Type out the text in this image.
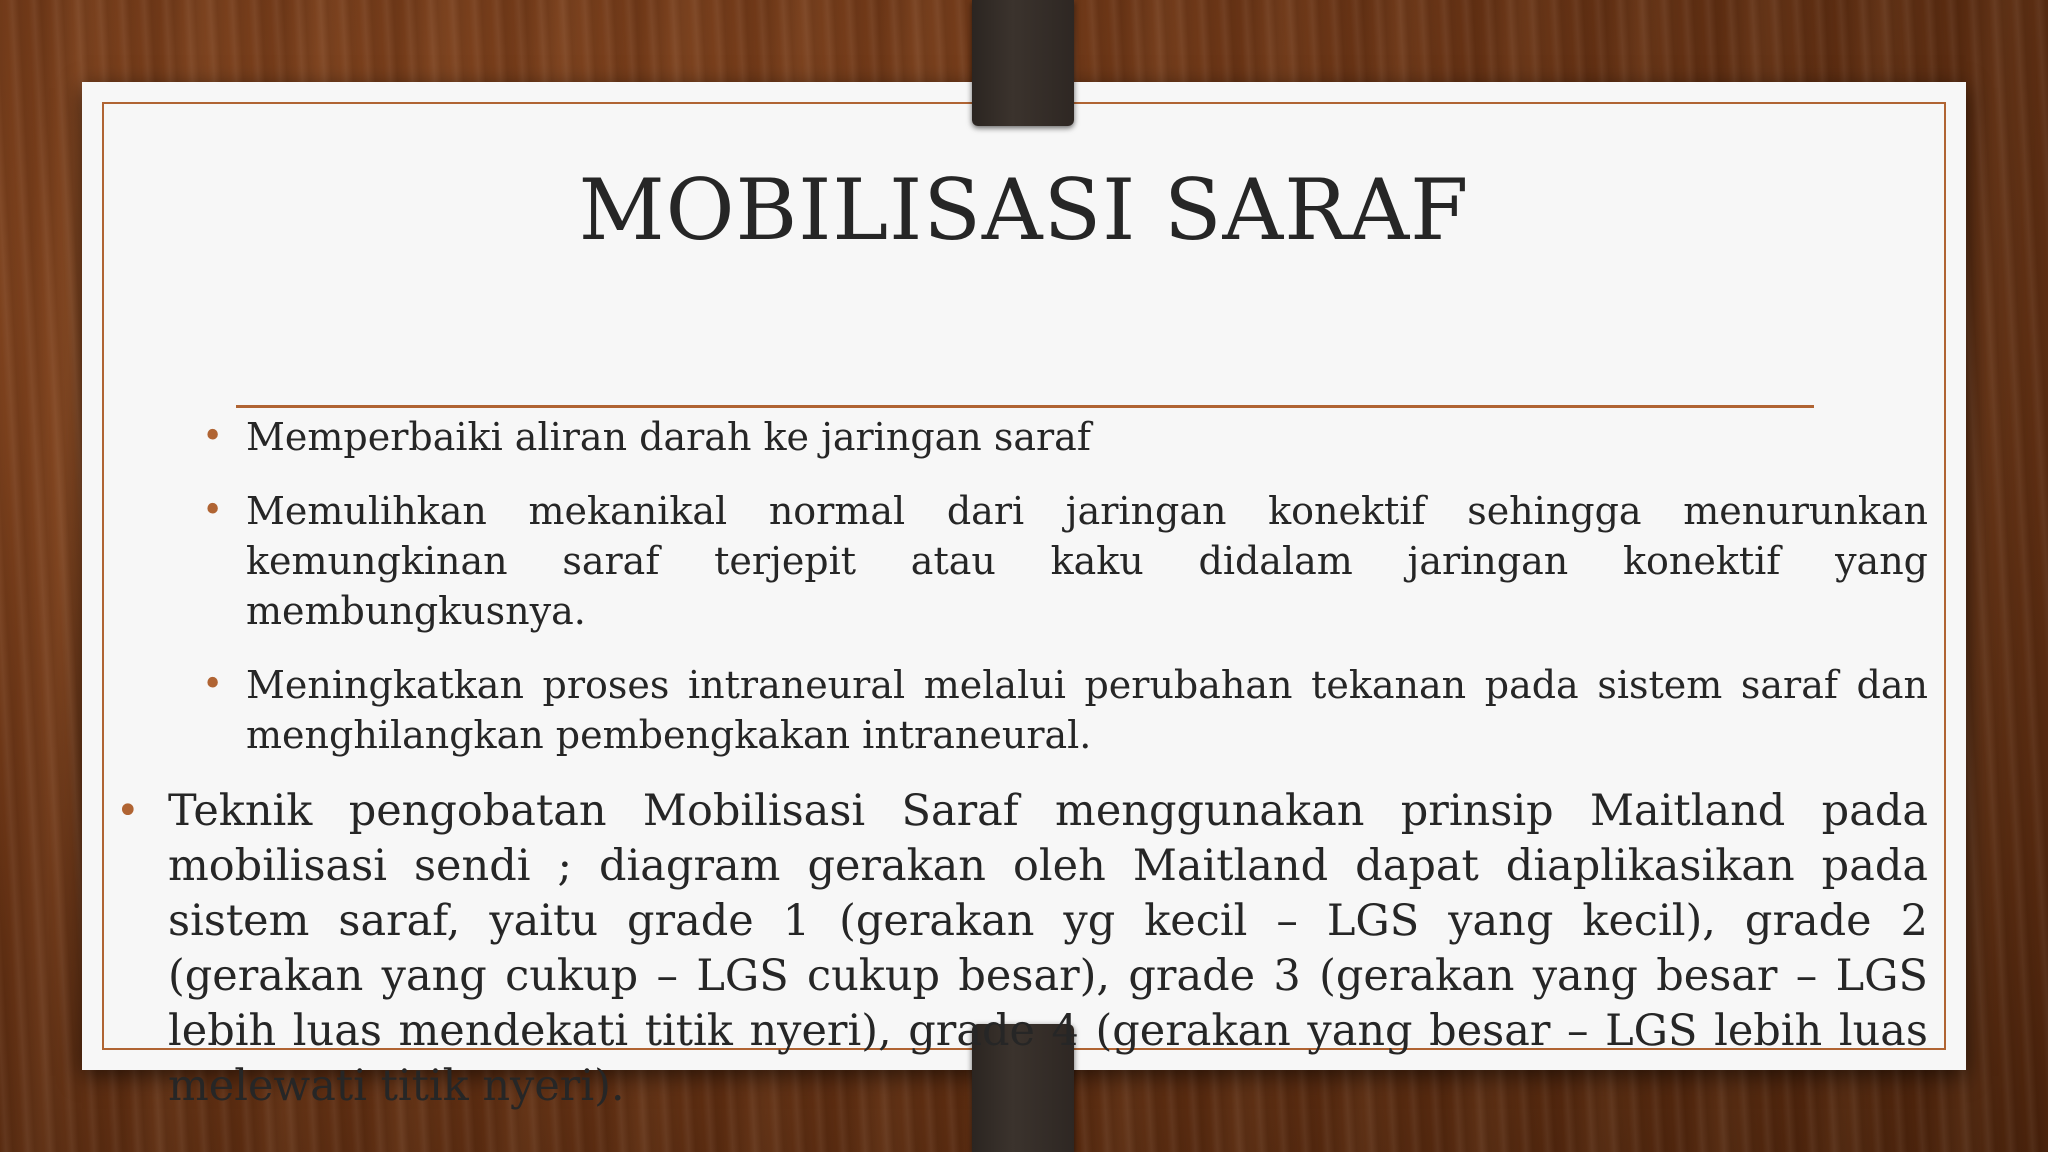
MOBILISASI SARAF
• Memperbaiki aliran darah ke jaringan saraf
• Memulihkan mekanikal normal dari jaringan konektif sehingga menurunkan kemungkinan saraf terjepit atau kaku didalam jaringan konektif yang membungkusnya.
• Meningkatkan proses intraneural melalui perubahan tekanan pada sistem saraf dan menghilangkan pembengkakan intraneural.
• Teknik pengobatan Mobilisasi Saraf menggunakan prinsip Maitland pada mobilisasi sendi ; diagram gerakan oleh Maitland dapat diaplikasikan pada sistem saraf, yaitu grade 1 (gerakan yg kecil – LGS yang kecil), grade 2 (gerakan yang cukup – LGS cukup besar), grade 3 (gerakan yang besar – LGS lebih luas mendekati titik nyeri), grade 4 (gerakan yang besar – LGS lebih luas melewati titik nyeri).
